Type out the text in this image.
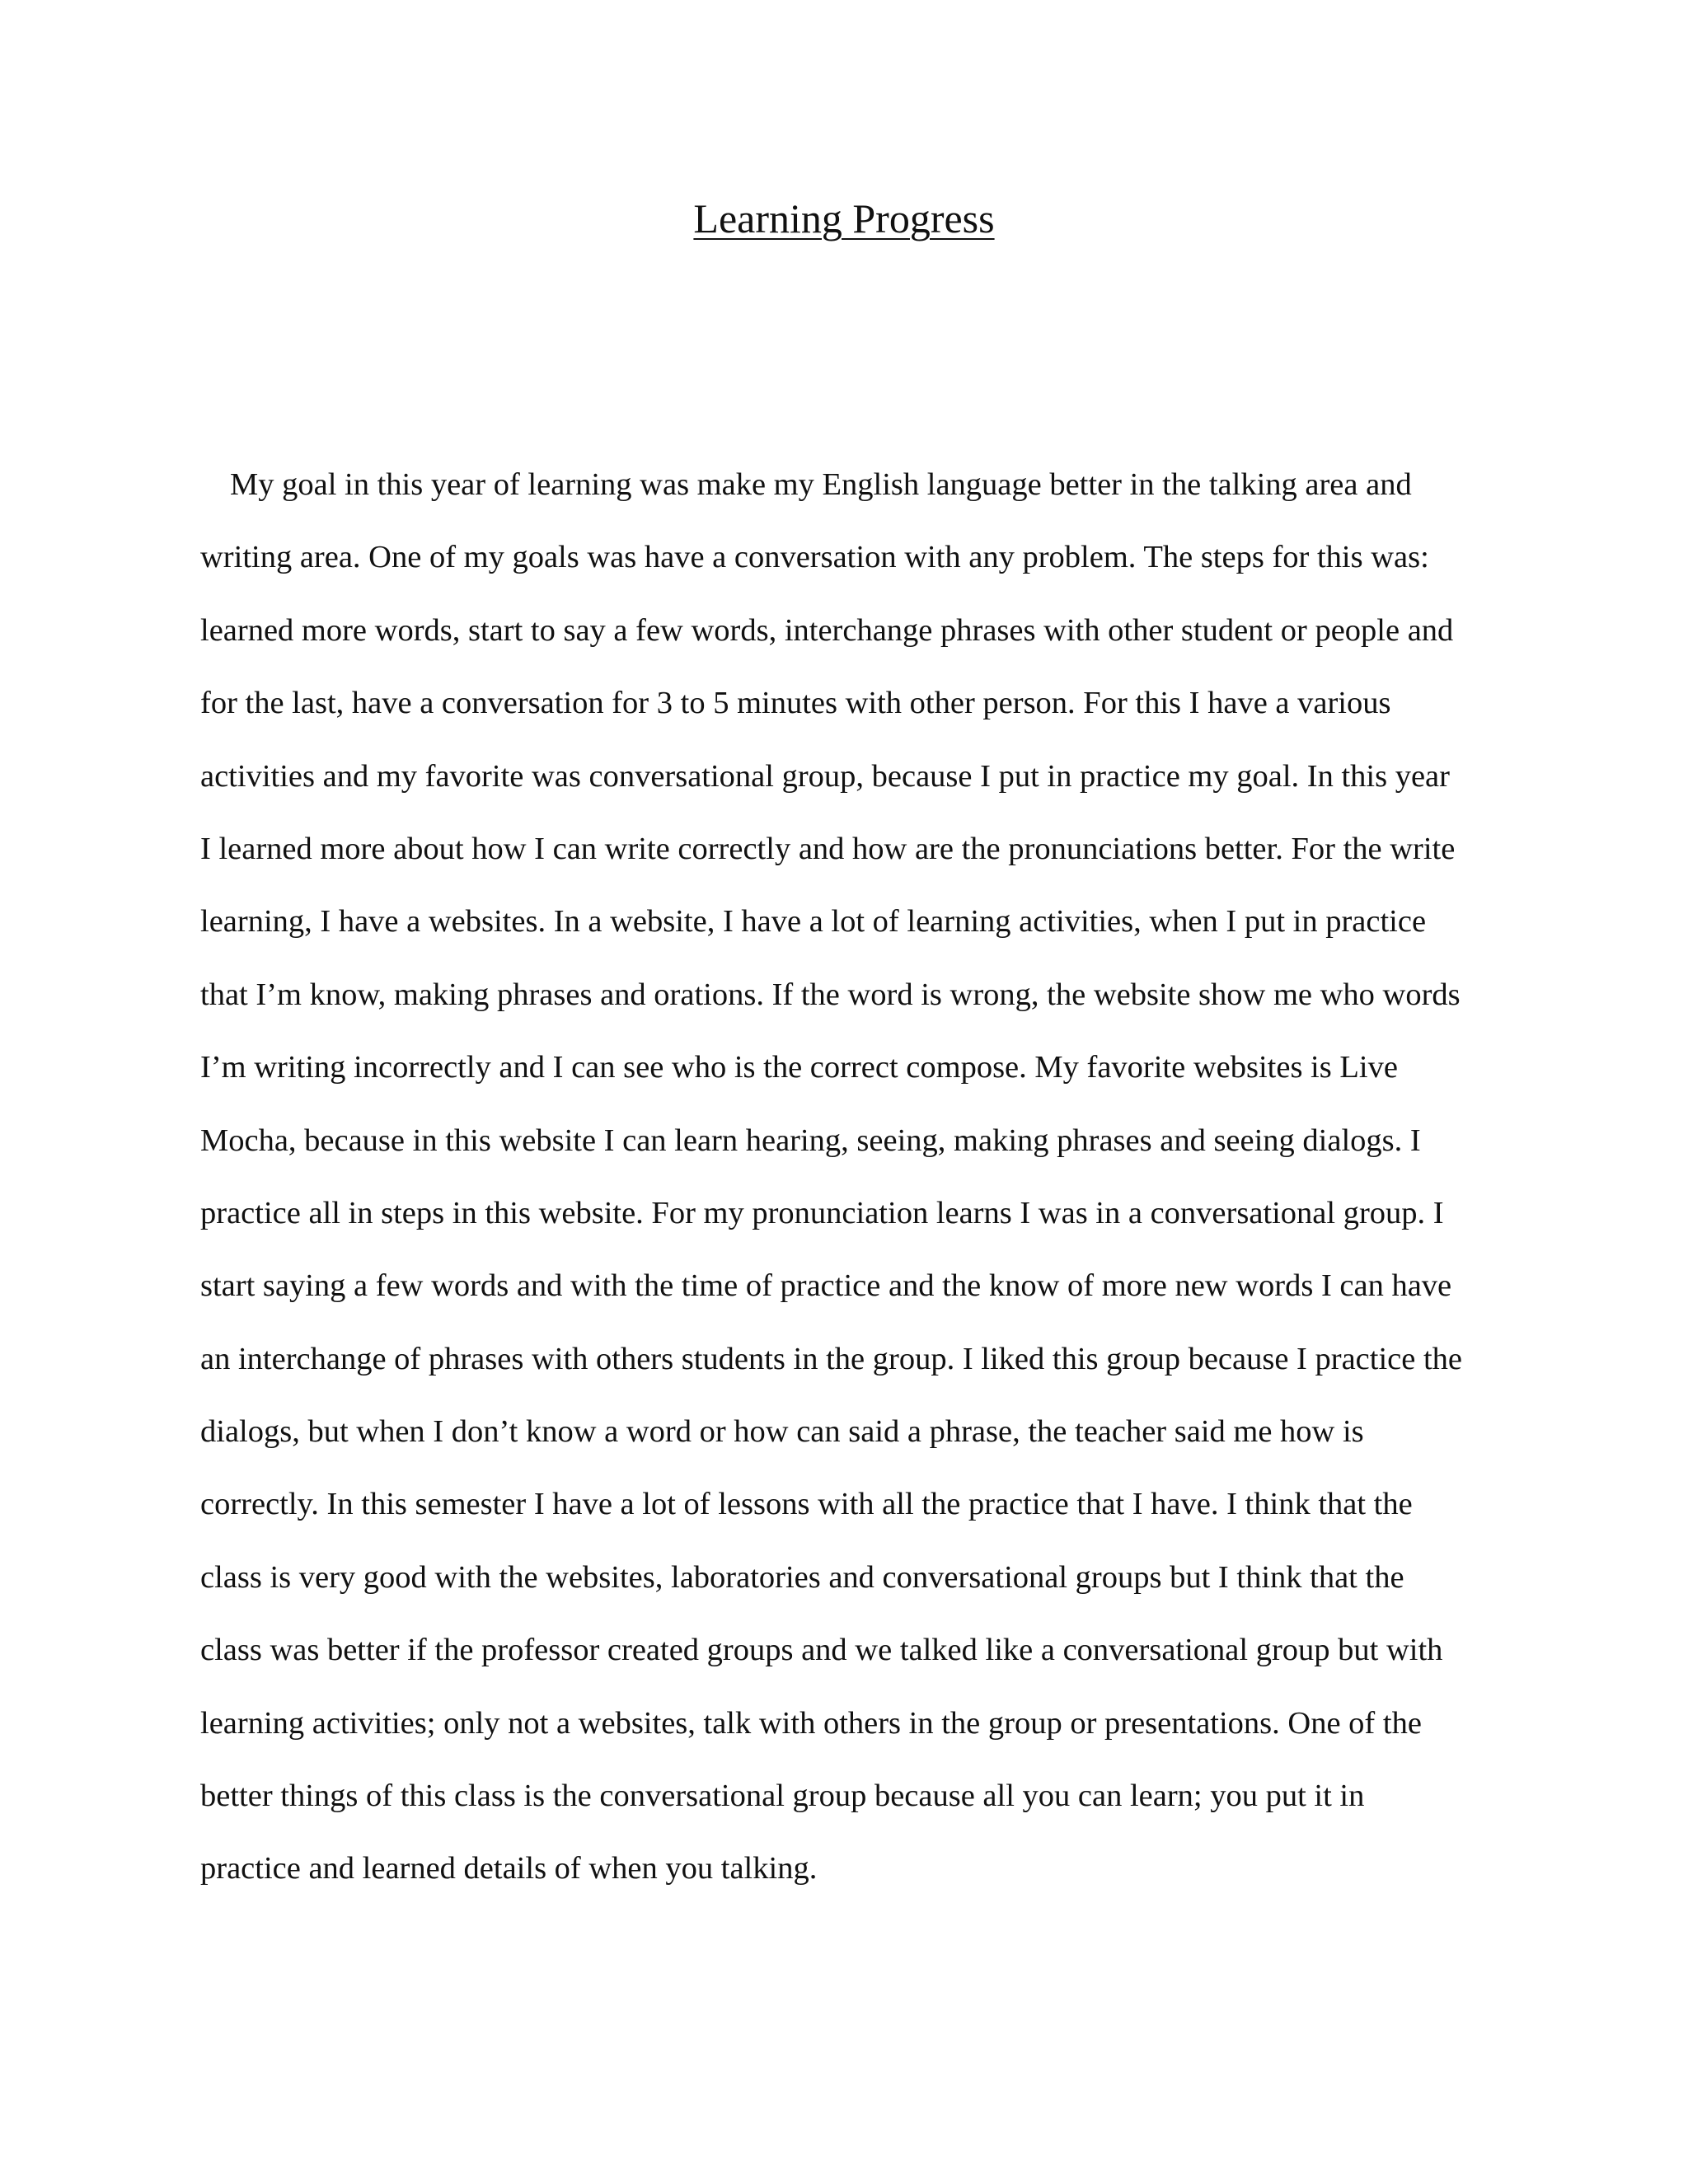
Learning Progress
My goal in this year of learning was make my English language better in the talking area and
writing area. One of my goals was have a conversation with any problem. The steps for this was:
learned more words, start to say a few words, interchange phrases with other student or people and
for the last, have a conversation for 3 to 5 minutes with other person. For this I have a various
activities and my favorite was conversational group, because I put in practice my goal. In this year
I learned more about how I can write correctly and how are the pronunciations better. For the write
learning, I have a websites. In a website, I have a lot of learning activities, when I put in practice
that I’m know, making phrases and orations. If the word is wrong, the website show me who words
I’m writing incorrectly and I can see who is the correct compose. My favorite websites is Live
Mocha, because in this website I can learn hearing, seeing, making phrases and seeing dialogs. I
practice all in steps in this website. For my pronunciation learns I was in a conversational group. I
start saying a few words and with the time of practice and the know of more new words I can have
an interchange of phrases with others students in the group. I liked this group because I practice the
dialogs, but when I don’t know a word or how can said a phrase, the teacher said me how is
correctly. In this semester I have a lot of lessons with all the practice that I have. I think that the
class is very good with the websites, laboratories and conversational groups but I think that the
class was better if the professor created groups and we talked like a conversational group but with
learning activities; only not a websites, talk with others in the group or presentations. One of the
better things of this class is the conversational group because all you can learn; you put it in
practice and learned details of when you talking.
